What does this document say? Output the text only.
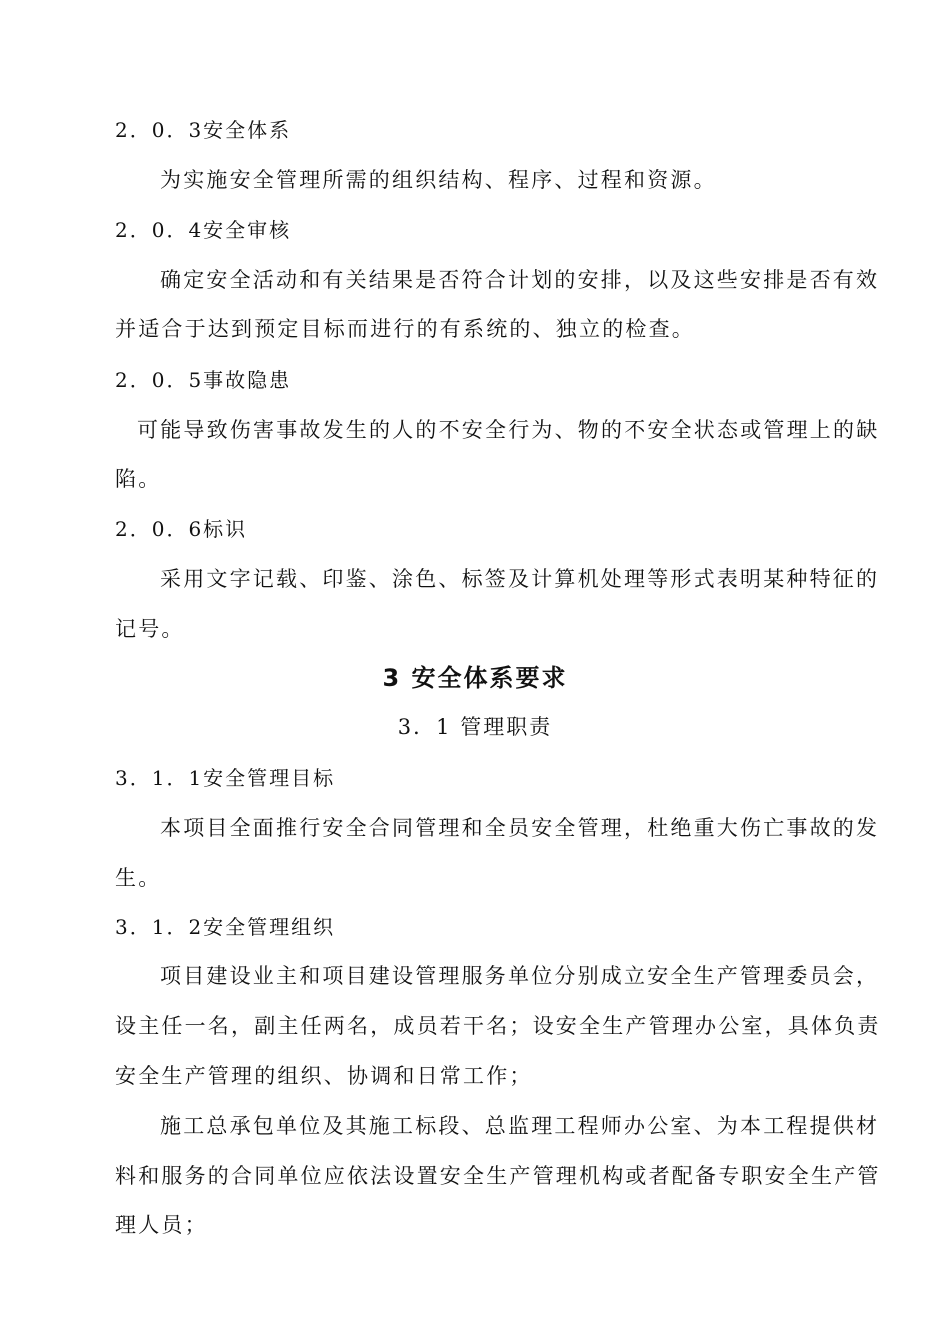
2．0．3安全体系
为实施安全管理所需的组织结构、程序、过程和资源。
2．0．4安全审核
确定安全活动和有关结果是否符合计划的安排，以及这些安排是否有效
并适合于达到预定目标而进行的有系统的、独立的检查。
2．0．5事故隐患
可能导致伤害事故发生的人的不安全行为、物的不安全状态或管理上的缺
陷。
2．0．6标识
采用文字记载、印鉴、涂色、标签及计算机处理等形式表明某种特征的
记号。
3 安全体系要求
3．1 管理职责
3．1．1安全管理目标
本项目全面推行安全合同管理和全员安全管理，杜绝重大伤亡事故的发
生。
3．1．2安全管理组织
项目建设业主和项目建设管理服务单位分别成立安全生产管理委员会，
设主任一名，副主任两名，成员若干名；设安全生产管理办公室，具体负责
安全生产管理的组织、协调和日常工作；
施工总承包单位及其施工标段、总监理工程师办公室、为本工程提供材
料和服务的合同单位应依法设置安全生产管理机构或者配备专职安全生产管
理人员；
